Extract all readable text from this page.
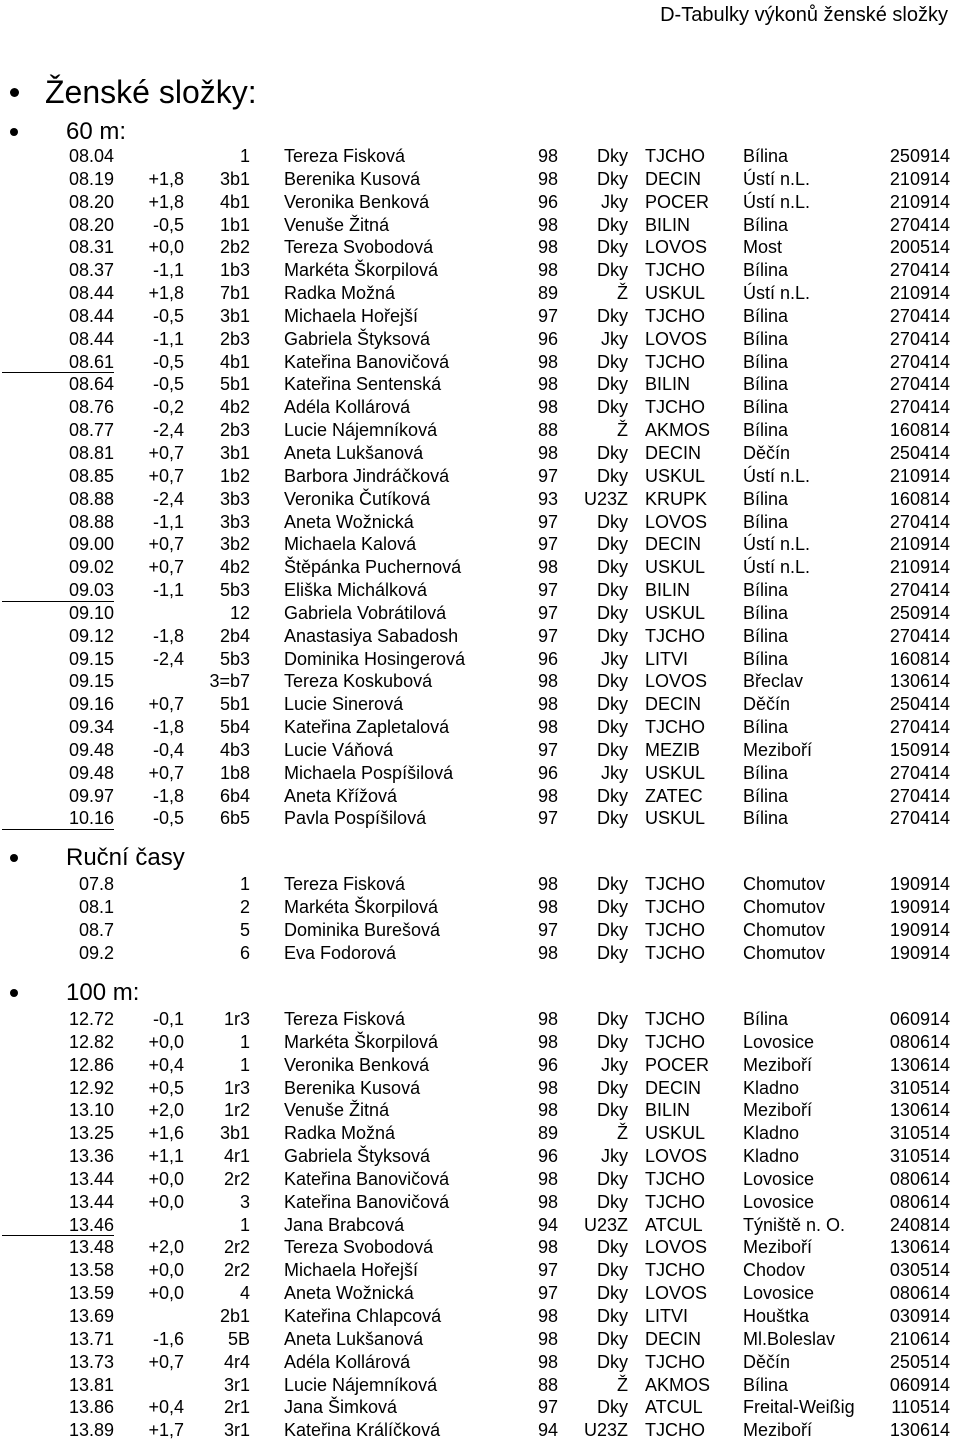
D-Tabulky výkonů ženské složky
Ženské složky:
60 m:
08.04	1 Tereza Fisková	98 Dky TJCHO Bílina	250914
08.19 +1,8 3b1 Berenika Kusová	98 Dky DECIN Ústí n.L.	210914
08.20 +1,8 4b1 Veronika Benková	96 Jky POCER Ústí n.L.	210914
08.20 -0,5 1b1 Venuše Žitná	98 Dky BILIN	Bílina	270414
08.31 +0,0 2b2 Tereza Svobodová	98 Dky LOVOS Most	200514
08.37 -1,1 1b3 Markéta Škorpilová	98 Dky TJCHO Bílina	270414
08.44 +1,8 7b1 Radka Možná	89	Ž USKUL Ústí n.L.	210914
08.44 -0,5 3b1 Michaela Hořejší	97 Dky TJCHO Bílina	270414
08.44 -1,1 2b3 Gabriela Štyksová	96 Jky LOVOS Bílina	270414
08.61 -0,5 4b1 Kateřina Banovičová	98 Dky TJCHO Bílina	270414
08.64 -0,5 5b1 Kateřina Sentenská	98 Dky BILIN	Bílina	270414
08.76 -0,2 4b2 Adéla Kollárová	98 Dky TJCHO Bílina	270414
08.77 -2,4 2b3 Lucie Nájemníková	88	Ž AKMOS Bílina	160814
08.81 +0,7 3b1 Aneta Lukšanová	98 Dky DECIN Děčín	250414
08.85 +0,7 1b2 Barbora Jindráčková	97 Dky USKUL Ústí n.L.	210914
08.88 -2,4 3b3 Veronika Čutíková	93 U23Z KRUPK Bílina	160814
08.88 -1,1 3b3 Aneta Wožnická	97 Dky LOVOS Bílina	270414
09.00 +0,7 3b2 Michaela Kalová	97 Dky DECIN Ústí n.L.	210914
09.02 +0,7 4b2 Štěpánka Puchernová	98 Dky USKUL Ústí n.L.	210914
09.03 -1,1 5b3 Eliška Michálková	97 Dky BILIN	Bílina	270414
09.10	12 Gabriela Vobrátilová	97 Dky USKUL Bílina	250914
09.12 -1,8 2b4 Anastasiya Sabadosh	97 Dky TJCHO Bílina	270414
09.15 -2,4 5b3 Dominika Hosingerová	96 Jky LITVI	Bílina	160814
09.15	3=b7 Tereza Koskubová	98 Dky LOVOS Břeclav	130614
09.16 +0,7 5b1 Lucie Sinerová	98 Dky DECIN Děčín	250414
09.34 -1,8 5b4 Kateřina Zapletalová	98 Dky TJCHO Bílina	270414
09.48 -0,4 4b3 Lucie Váňová	97 Dky MEZIB Meziboří	150914
09.48 +0,7 1b8 Michaela Pospíšilová	96 Jky USKUL Bílina	270414
09.97 -1,8 6b4 Aneta Křížová	98 Dky ZATEC Bílina	270414
10.16 -0,5 6b5 Pavla Pospíšilová	97 Dky USKUL Bílina	270414
Ruční časy
07.8	1 Tereza Fisková	98 Dky TJCHO Chomutov	190914
08.1	2 Markéta Škorpilová	98 Dky TJCHO Chomutov	190914
08.7	5 Dominika Burešová	97 Dky TJCHO Chomutov	190914
09.2	6 Eva Fodorová	98 Dky TJCHO Chomutov	190914
100 m:
12.72 -0,1 1r3 Tereza Fisková	98 Dky TJCHO Bílina	060914
12.82 +0,0	1 Markéta Škorpilová	98 Dky TJCHO Lovosice	080614
12.86 +0,4	1 Veronika Benková	96 Jky POCER Meziboří	130614
12.92 +0,5 1r3 Berenika Kusová	98 Dky DECIN Kladno	310514
13.10 +2,0 1r2 Venuše Žitná	98 Dky BILIN	Meziboří	130614
13.25 +1,6 3b1 Radka Možná	89	Ž USKUL Kladno	310514
13.36 +1,1 4r1 Gabriela Štyksová	96 Jky LOVOS Kladno	310514
13.44 +0,0 2r2 Kateřina Banovičová	98 Dky TJCHO Lovosice	080614
13.44 +0,0	3 Kateřina Banovičová	98 Dky TJCHO Lovosice	080614
13.46	1 Jana Brabcová	94 U23Z ATCUL Týniště n. O. 240814
13.48 +2,0 2r2 Tereza Svobodová	98 Dky LOVOS Meziboří	130614
13.58 +0,0 2r2 Michaela Hořejší	97 Dky TJCHO Chodov	030514
13.59 +0,0	4 Aneta Wožnická	97 Dky LOVOS Lovosice	080614
13.69	2b1 Kateřina Chlapcová	98 Dky LITVI	Houštka	030914
13.71 -1,6 5B Aneta Lukšanová	98 Dky DECIN Ml.Boleslav	210614
13.73 +0,7 4r4 Adéla Kollárová	98 Dky TJCHO Děčín	250514
13.81	3r1 Lucie Nájemníková	88	Ž AKMOS Bílina	060914
13.86 +0,4 2r1 Jana Šimková	97 Dky ATCUL Freital-Weißig 110514
13.89 +1,7 3r1 Kateřina Králíčková	94 U23Z TJCHO Meziboří	130614
